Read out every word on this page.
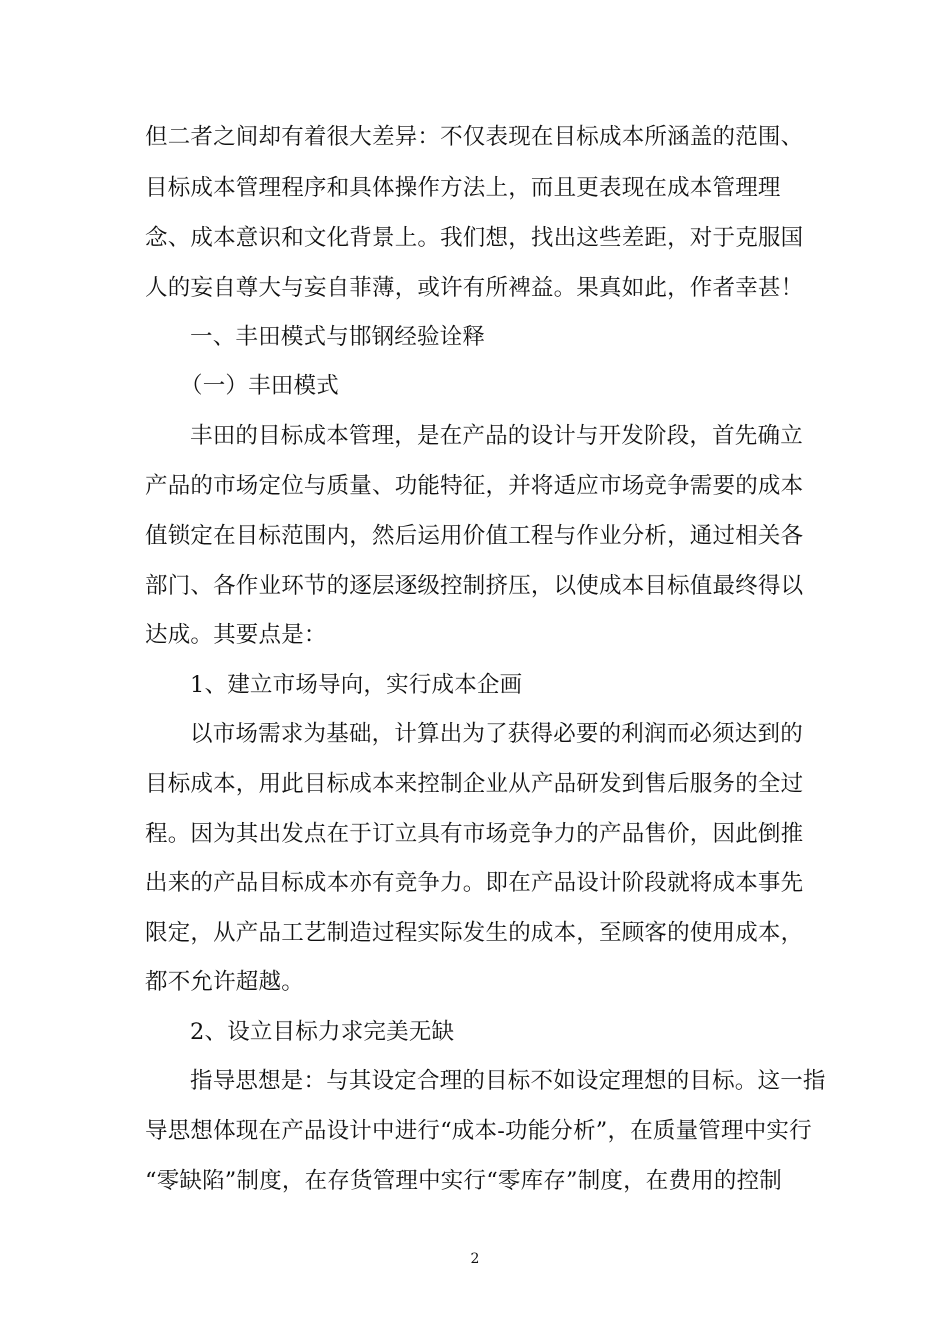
但二者之间却有着很大差异：不仅表现在目标成本所涵盖的范围、
目标成本管理程序和具体操作方法上，而且更表现在成本管理理
念、成本意识和文化背景上。我们想，找出这些差距，对于克服国
人的妄自尊大与妄自菲薄，或许有所裨益。果真如此，作者幸甚！
一、丰田模式与邯钢经验诠释
（一）丰田模式
丰田的目标成本管理，是在产品的设计与开发阶段，首先确立
产品的市场定位与质量、功能特征，并将适应市场竞争需要的成本
值锁定在目标范围内，然后运用价值工程与作业分析，通过相关各
部门、各作业环节的逐层逐级控制挤压，以使成本目标值最终得以
达成。其要点是：
1、建立市场导向，实行成本企画
以市场需求为基础，计算出为了获得必要的利润而必须达到的
目标成本，用此目标成本来控制企业从产品研发到售后服务的全过
程。因为其出发点在于订立具有市场竞争力的产品售价，因此倒推
出来的产品目标成本亦有竞争力。即在产品设计阶段就将成本事先
限定，从产品工艺制造过程实际发生的成本，至顾客的使用成本，
都不允许超越。
2、设立目标力求完美无缺
指导思想是：与其设定合理的目标不如设定理想的目标。这一指
导思想体现在产品设计中进行“成本-功能分析”，在质量管理中实行
“零缺陷”制度，在存货管理中实行“零库存”制度，在费用的控制
2
